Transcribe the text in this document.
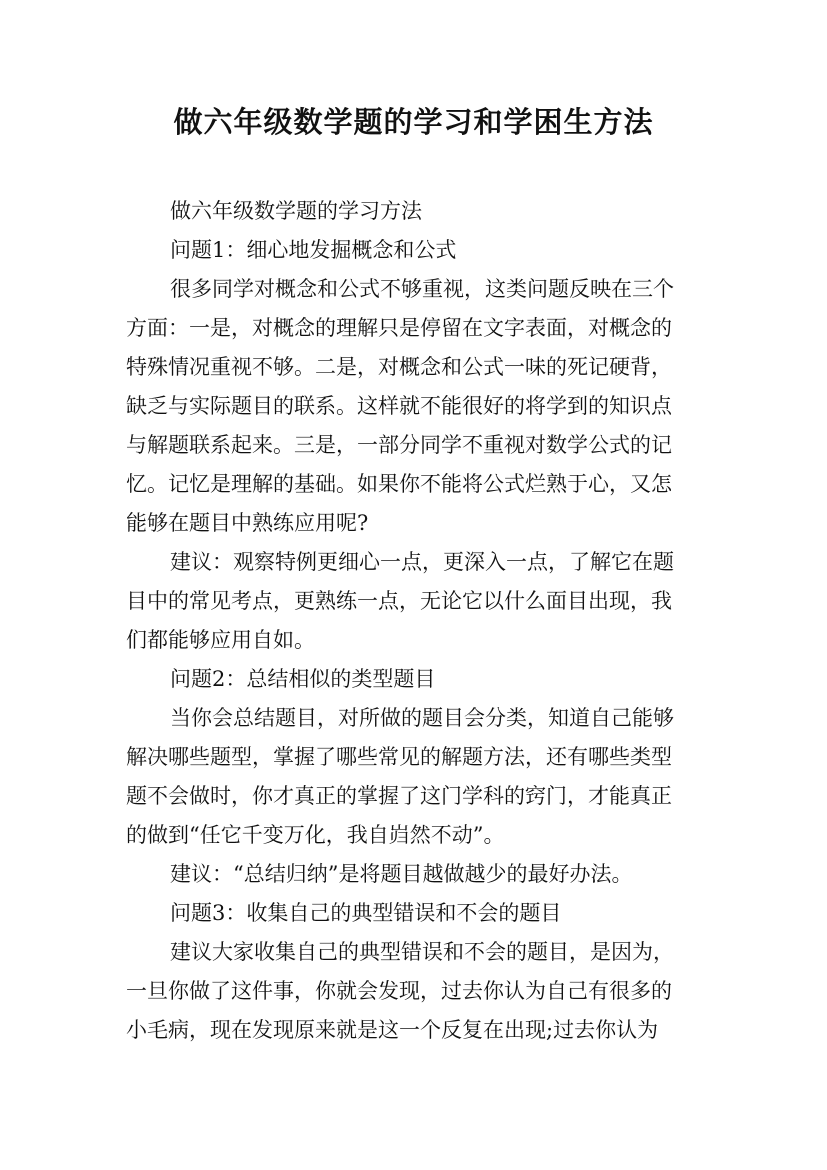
做六年级数学题的学习和学困生方法

做六年级数学题的学习方法

问题1：细心地发掘概念和公式

很多同学对概念和公式不够重视，这类问题反映在三个

方面：一是，对概念的理解只是停留在文字表面，对概念的

特殊情况重视不够。二是，对概念和公式一味的死记硬背，

缺乏与实际题目的联系。这样就不能很好的将学到的知识点

与解题联系起来。三是，一部分同学不重视对数学公式的记

忆。记忆是理解的基础。如果你不能将公式烂熟于心，又怎

能够在题目中熟练应用呢?

建议：观察特例更细心一点，更深入一点，了解它在题

目中的常见考点，更熟练一点，无论它以什么面目出现，我

们都能够应用自如。

问题2：总结相似的类型题目

当你会总结题目，对所做的题目会分类，知道自己能够

解决哪些题型，掌握了哪些常见的解题方法，还有哪些类型

题不会做时，你才真正的掌握了这门学科的窍门，才能真正

的做到“任它千变万化，我自岿然不动”。

建议：“总结归纳”是将题目越做越少的最好办法。

问题3：收集自己的典型错误和不会的题目

建议大家收集自己的典型错误和不会的题目，是因为，

一旦你做了这件事，你就会发现，过去你认为自己有很多的

小毛病，现在发现原来就是这一个反复在出现;过去你认为
